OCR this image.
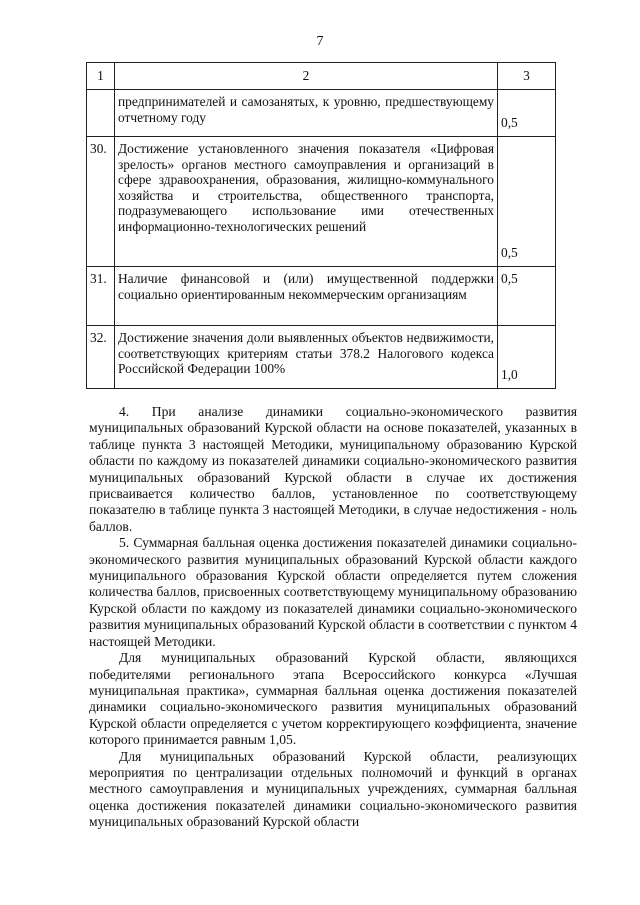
7
1	2	3
	предпринимателей и самозанятых, к уровню, предшествующему отчетному году	0,5
30.	Достижение установленного значения показателя «Цифровая зрелость» органов местного самоуправления и организаций в сфере здравоохранения, образования, жилищно-коммунального хозяйства и строительства, общественного транспорта, подразумевающего использование ими отечественных информационно-технологических решений	0,5
31.	Наличие финансовой и (или) имущественной поддержки социально ориентированным некоммерческим организациям	0,5
32.	Достижение значения доли выявленных объектов недвижимости, соответствующих критериям статьи 378.2 Налогового кодекса Российской Федерации 100%	1,0

4. При анализе динамики социально-экономического развития муниципальных образований Курской области на основе показателей, указанных в таблице пункта 3 настоящей Методики, муниципальному образованию Курской области по каждому из показателей динамики социально-экономического развития муниципальных образований Курской области в случае их достижения присваивается количество баллов, установленное по соответствующему показателю в таблице пункта 3 настоящей Методики, в случае недостижения - ноль баллов.

5. Суммарная балльная оценка достижения показателей динамики социально-экономического развития муниципальных образований Курской области каждого муниципального образования Курской области определяется путем сложения количества баллов, присвоенных соответствующему муниципальному образованию Курской области по каждому из показателей динамики социально-экономического развития муниципальных образований Курской области в соответствии с пунктом 4 настоящей Методики.

Для муниципальных образований Курской области, являющихся победителями регионального этапа Всероссийского конкурса «Лучшая муниципальная практика», суммарная балльная оценка достижения показателей динамики социально-экономического развития муниципальных образований Курской области определяется с учетом корректирующего коэффициента, значение которого принимается равным 1,05.

Для муниципальных образований Курской области, реализующих мероприятия по централизации отдельных полномочий и функций в органах местного самоуправления и муниципальных учреждениях, суммарная балльная оценка достижения показателей динамики социально-экономического развития муниципальных образований Курской области
